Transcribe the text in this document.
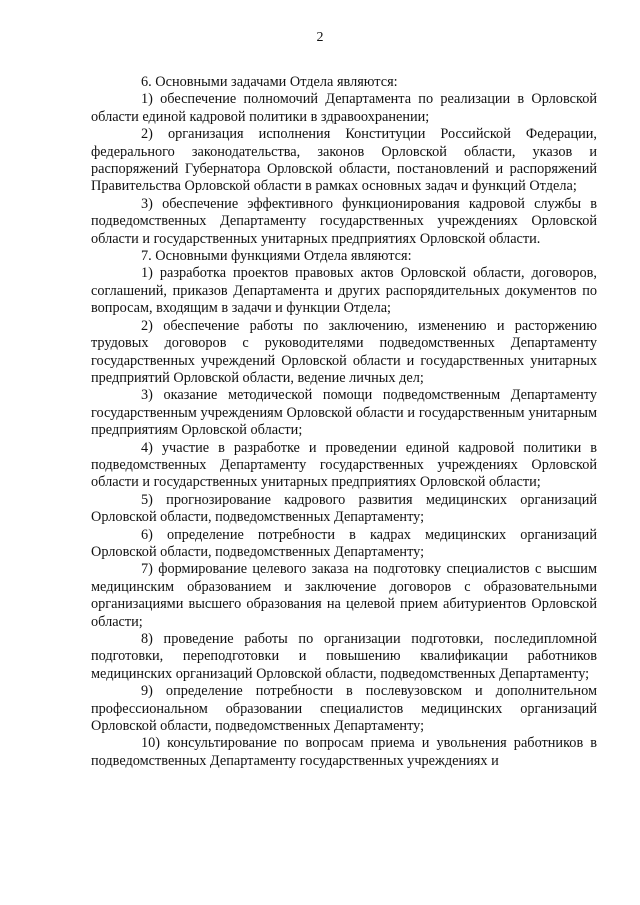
2

6. Основными задачами Отдела являются:

1) обеспечение полномочий Департамента по реализации в Орловской области единой кадровой политики в здравоохранении;

2) организация исполнения Конституции Российской Федерации, федерального законодательства, законов Орловской области, указов и распоряжений Губернатора Орловской области, постановлений и распоряжений Правительства Орловской области в рамках основных задач и функций Отдела;

3) обеспечение эффективного функционирования кадровой службы в подведомственных Департаменту государственных учреждениях Орловской области и государственных унитарных предприятиях Орловской области.

7. Основными функциями Отдела являются:

1) разработка проектов правовых актов Орловской области, договоров, соглашений, приказов Департамента и других распорядительных документов по вопросам, входящим в задачи и функции Отдела;

2) обеспечение работы по заключению, изменению и расторжению трудовых договоров с руководителями подведомственных Департаменту государственных учреждений Орловской области и государственных унитарных предприятий Орловской области, ведение личных дел;

3) оказание методической помощи подведомственным Департаменту государственным учреждениям Орловской области и государственным унитарным предприятиям Орловской области;

4) участие в разработке и проведении единой кадровой политики в подведомственных Департаменту государственных учреждениях Орловской области и государственных унитарных предприятиях Орловской области;

5) прогнозирование кадрового развития медицинских организаций Орловской области, подведомственных Департаменту;

6) определение потребности в кадрах медицинских организаций Орловской области, подведомственных Департаменту;

7) формирование целевого заказа на подготовку специалистов с высшим медицинским образованием и заключение договоров с образовательными организациями высшего образования на целевой прием абитуриентов Орловской области;

8) проведение работы по организации подготовки, последипломной подготовки, переподготовки и повышению квалификации работников медицинских организаций Орловской области, подведомственных Департаменту;

9) определение потребности в послевузовском и дополнительном профессиональном образовании специалистов медицинских организаций Орловской области, подведомственных Департаменту;

10) консультирование по вопросам приема и увольнения работников в подведомственных Департаменту государственных учреждениях и
